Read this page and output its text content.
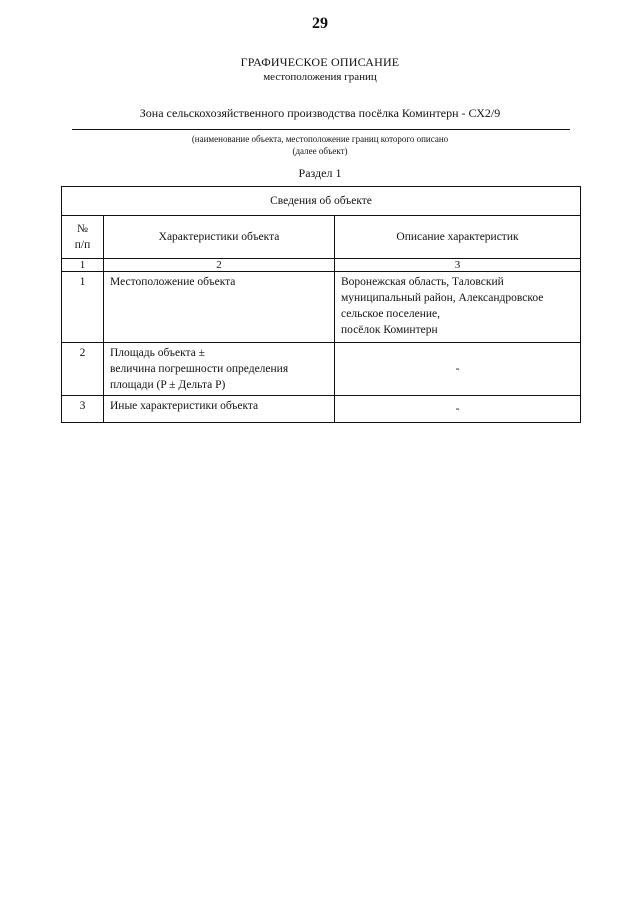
29
ГРАФИЧЕСКОЕ ОПИСАНИЕ
местоположения границ
Зона сельскохозяйственного производства посёлка Коминтерн - СХ2/9
(наименование объекта, местоположение границ которого описано
(далее объект)
Раздел 1
Сведения об объекте		

№
п/п	Характеристики объекта	Описание характеристик
1	2	3
1	Местоположение объекта	Воронежская область, Таловский
муниципальный район, Александровское
сельское поселение,
посёлок Коминтерн

2	Площадь объекта ±
величина погрешности определения
площади (P ± Дельта P)	-

3	Иные характеристики объекта	-
